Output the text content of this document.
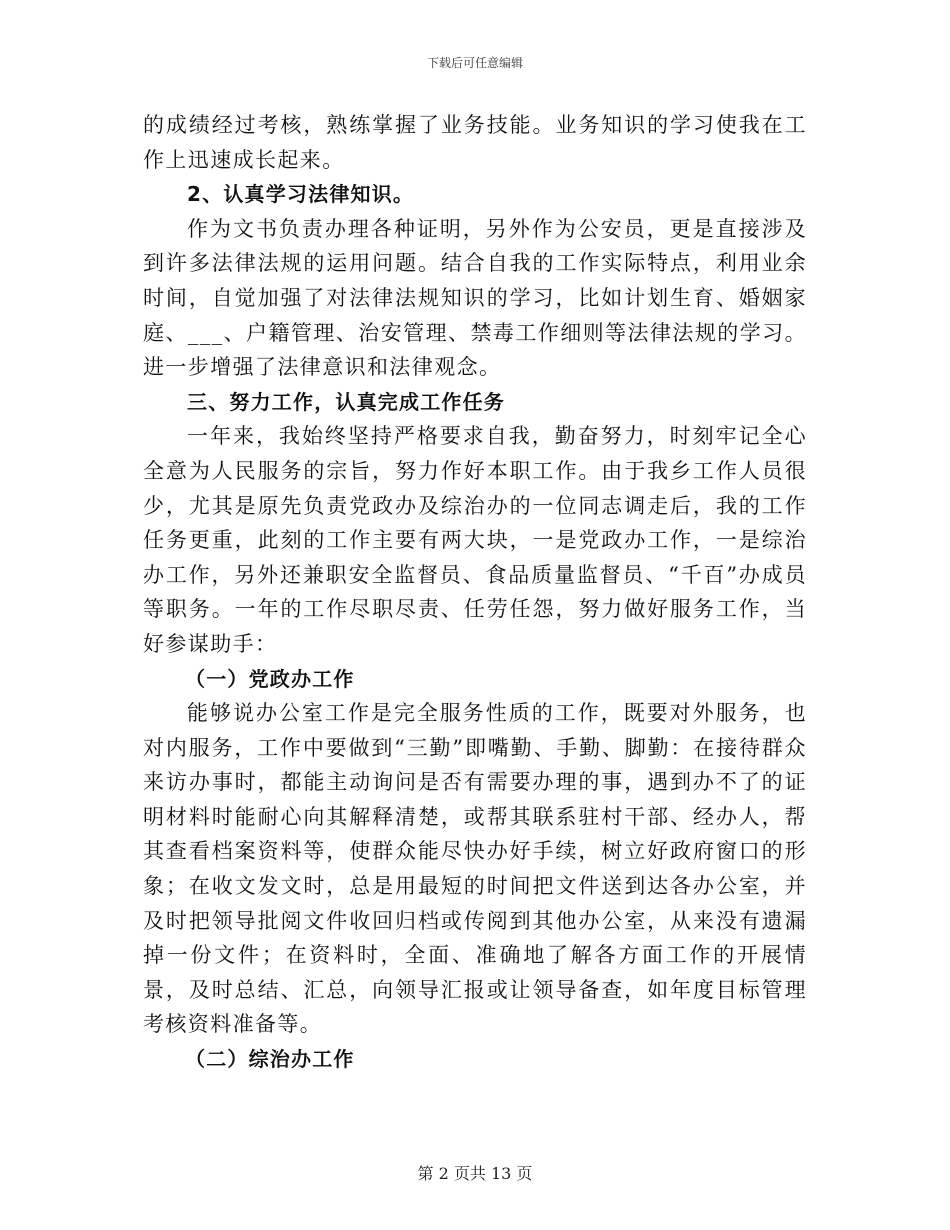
下载后可任意编辑

的成绩经过考核，熟练掌握了业务技能。业务知识的学习使我在工作上迅速成长起来。

2、认真学习法律知识。

作为文书负责办理各种证明，另外作为公安员，更是直接涉及到许多法律法规的运用问题。结合自我的工作实际特点，利用业余时间，自觉加强了对法律法规知识的学习，比如计划生育、婚姻家庭、___、户籍管理、治安管理、禁毒工作细则等法律法规的学习。进一步增强了法律意识和法律观念。

三、努力工作，认真完成工作任务

一年来，我始终坚持严格要求自我，勤奋努力，时刻牢记全心全意为人民服务的宗旨，努力作好本职工作。由于我乡工作人员很少，尤其是原先负责党政办及综治办的一位同志调走后，我的工作任务更重，此刻的工作主要有两大块，一是党政办工作，一是综治办工作，另外还兼职安全监督员、食品质量监督员、“千百”办成员等职务。一年的工作尽职尽责、任劳任怨，努力做好服务工作，当好参谋助手：

（一）党政办工作

能够说办公室工作是完全服务性质的工作，既要对外服务，也对内服务，工作中要做到“三勤”即嘴勤、手勤、脚勤：在接待群众来访办事时，都能主动询问是否有需要办理的事，遇到办不了的证明材料时能耐心向其解释清楚，或帮其联系驻村干部、经办人，帮其查看档案资料等，使群众能尽快办好手续，树立好政府窗口的形象；在收文发文时，总是用最短的时间把文件送到达各办公室，并及时把领导批阅文件收回归档或传阅到其他办公室，从来没有遗漏掉一份文件；在资料时，全面、准确地了解各方面工作的开展情景，及时总结、汇总，向领导汇报或让领导备查，如年度目标管理考核资料准备等。

（二）综治办工作

第 2 页共 13 页
